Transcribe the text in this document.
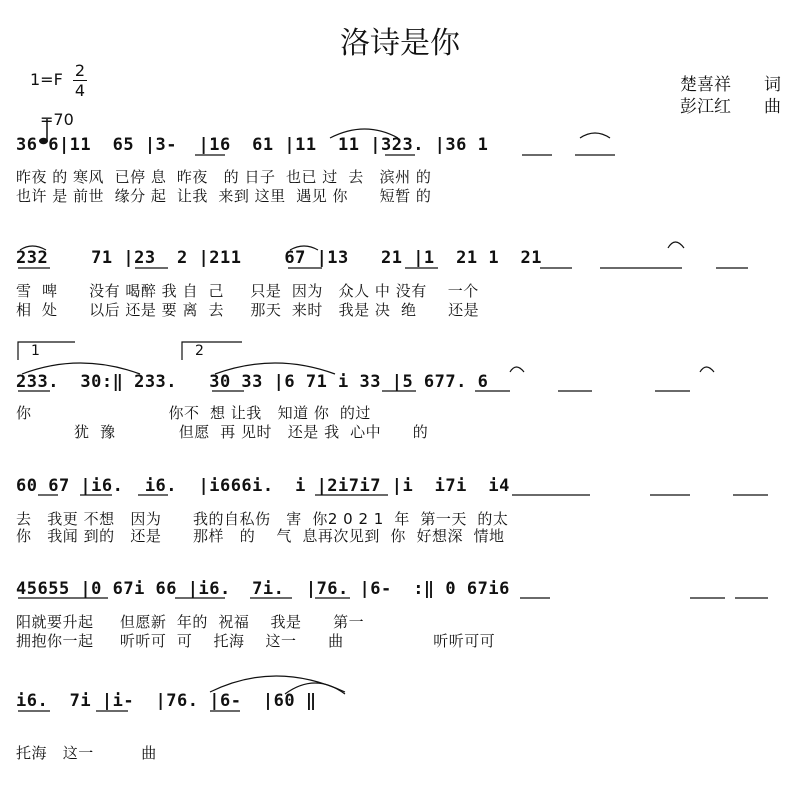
洛诗是你
1=F 2
4

=70
楚喜祥 词
彭江红 曲
36 6|11  65 |3-  |16  61 |11  11 |323. |36 1
昨夜 的 寒风  已停 息  昨夜   的 日子  也已 过  去   滨州 的
也许 是 前世  缘分 起  让我  来到 这里  遇见 你      短暂 的
232    71 |23  2 |211    67 |13   21 |1  21 1  21
雪  啤      没有 喝醉 我 自  己     只是  因为   众人 中 没有    一个
相  处      以后 还是 要 离  去     那天  来时   我是 决  绝      还是
1	2
233.  30:‖ 233.   30 33 |6 71 i 33 |5 677. 6
你                          你不  想 让我   知道 你  的过
犹  豫            但愿  再 见时   还是 我  心中      的
60 67 |i6.  i6.  |i666i.  i |2i7i7 |i  i7i  i4
去   我更 不想   因为      我的自私伤   害  你2 0 2 1  年  第一天  的太
你   我闻 到的   还是      那样   的    气  息再次见到  你  好想深  情地
45655 |0 67i 66 |i6.  7i.  |76. |6-  :‖ 0 67i6
阳就要升起     但愿新  年的  祝福    我是      第一
拥抱你一起     听听可  可    托海    这一      曲                 听听可可
i6.  7i |i-  |76. |6-  |60 ‖
托海   这一         曲
